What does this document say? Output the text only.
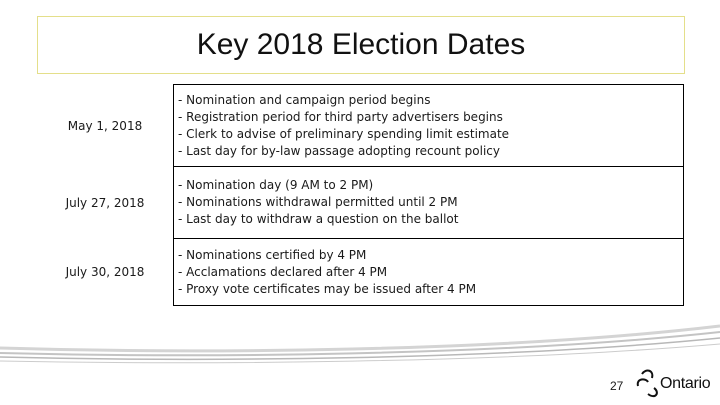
Key 2018 Election Dates
May 1, 2018	- Nomination and campaign period begins
- Registration period for third party advertisers begins
- Clerk to advise of preliminary spending limit estimate
- Last day for by-law passage adopting recount policy

July 27, 2018	- Nomination day (9 AM to 2 PM)
- Nominations withdrawal permitted until 2 PM
- Last day to withdraw a question on the ballot

July 30, 2018	- Nominations certified by 4 PM
- Acclamations declared after 4 PM
- Proxy vote certificates may be issued after 4 PM
27 Ontario
